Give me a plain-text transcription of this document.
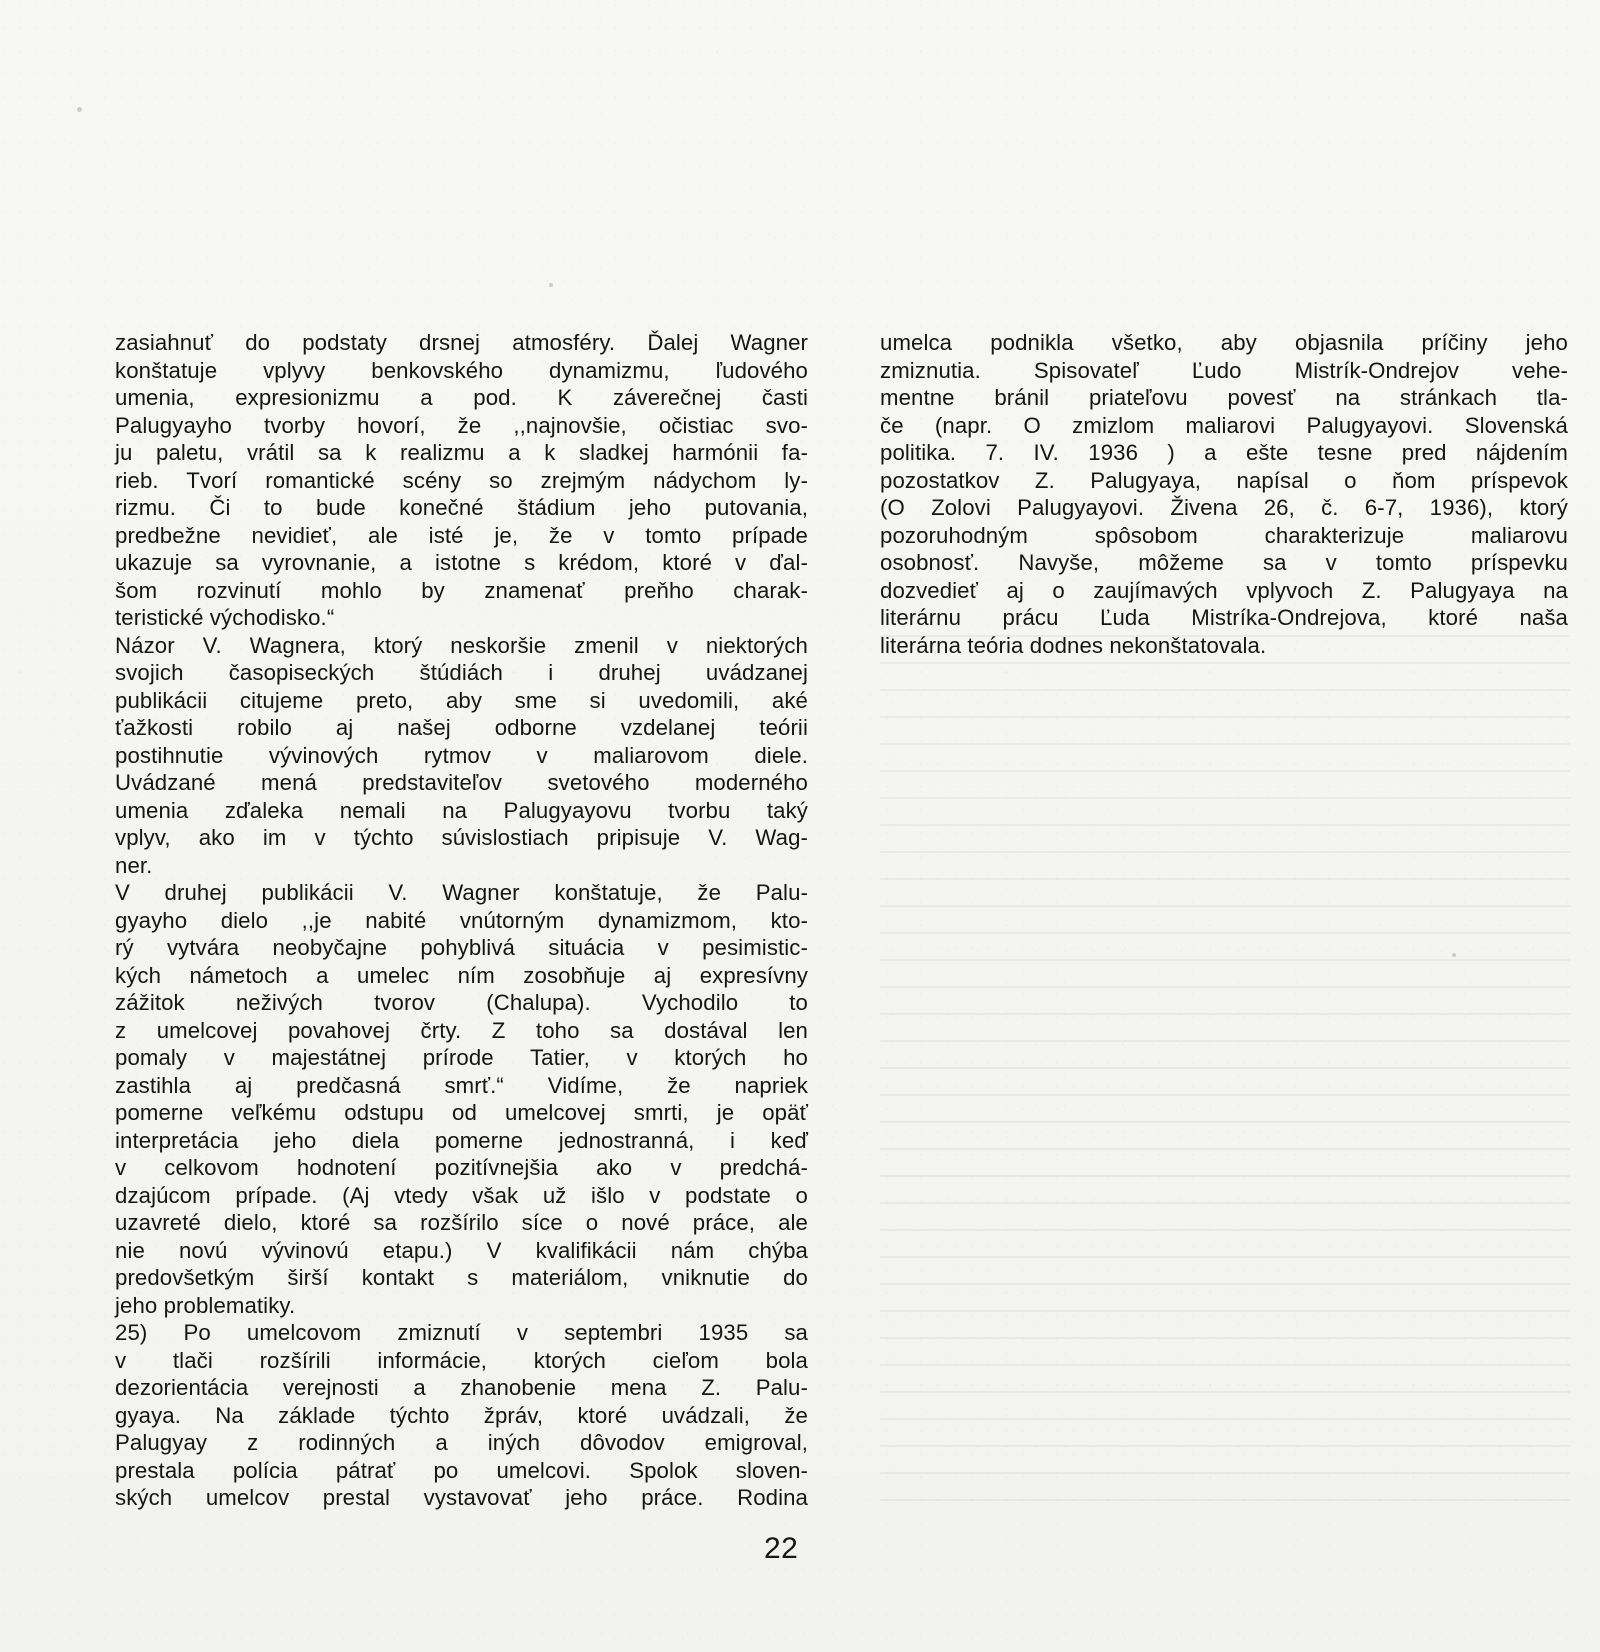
zasiahnuť do podstaty drsnej atmosféry. Ďalej Wagner
konštatuje vplyvy benkovského dynamizmu, ľudového
umenia, expresionizmu a pod. K záverečnej časti
Palugyayho tvorby hovorí, že ,,najnovšie, očistiac svo-
ju paletu, vrátil sa k realizmu a k sladkej harmónii fa-
rieb. Tvorí romantické scény so zrejmým nádychom ly-
rizmu. Či to bude konečné štádium jeho putovania,
predbežne nevidieť, ale isté je, že v tomto prípade
ukazuje sa vyrovnanie, a istotne s krédom, ktoré v ďal-
šom rozvinutí mohlo by znamenať preňho charak-
teristické východisko.“
Názor V. Wagnera, ktorý neskoršie zmenil v niektorých
svojich časopiseckých štúdiách i druhej uvádzanej
publikácii citujeme preto, aby sme si uvedomili, aké
ťažkosti robilo aj našej odborne vzdelanej teórii
postihnutie vývinových rytmov v maliarovom diele.
Uvádzané mená predstaviteľov svetového moderného
umenia zďaleka nemali na Palugyayovu tvorbu taký
vplyv, ako im v týchto súvislostiach pripisuje V. Wag-
ner.
V druhej publikácii V. Wagner konštatuje, že Palu-
gyayho dielo ,,je nabité vnútorným dynamizmom, kto-
rý vytvára neobyčajne pohyblivá situácia v pesimistic-
kých námetoch a umelec ním zosobňuje aj expresívny
zážitok neživých tvorov (Chalupa). Vychodilo to
z umelcovej povahovej črty. Z toho sa dostával len
pomaly v majestátnej prírode Tatier, v ktorých ho
zastihla aj predčasná smrť.“ Vidíme, že napriek
pomerne veľkému odstupu od umelcovej smrti, je opäť
interpretácia jeho diela pomerne jednostranná, i keď
v celkovom hodnotení pozitívnejšia ako v predchá-
dzajúcom prípade. (Aj vtedy však už išlo v podstate o
uzavreté dielo, ktoré sa rozšírilo síce o nové práce, ale
nie novú vývinovú etapu.) V kvalifikácii nám chýba
predovšetkým širší kontakt s materiálom, vniknutie do
jeho problematiky.
25) Po umelcovom zmiznutí v septembri 1935 sa
v tlači rozšírili informácie, ktorých cieľom bola
dezorientácia verejnosti a zhanobenie mena Z. Palu-
gyaya. Na základe týchto žpráv, ktoré uvádzali, že
Palugyay z rodinných a iných dôvodov emigroval,
prestala polícia pátrať po umelcovi. Spolok sloven-
ských umelcov prestal vystavovať jeho práce. Rodina
umelca podnikla všetko, aby objasnila príčiny jeho
zmiznutia. Spisovateľ Ľudo Mistrík-Ondrejov vehe-
mentne bránil priateľovu povesť na stránkach tla-
če (napr. O zmizlom maliarovi Palugyayovi. Slovenská
politika. 7. IV. 1936 ) a ešte tesne pred nájdením
pozostatkov Z. Palugyaya, napísal o ňom príspevok
(O Zolovi Palugyayovi. Živena 26, č. 6-7, 1936), ktorý
pozoruhodným spôsobom charakterizuje maliarovu
osobnosť. Navyše, môžeme sa v tomto príspevku
dozvedieť aj o zaujímavých vplyvoch Z. Palugyaya na
literárnu prácu Ľuda Mistríka-Ondrejova, ktoré naša
literárna teória dodnes nekonštatovala.
22
